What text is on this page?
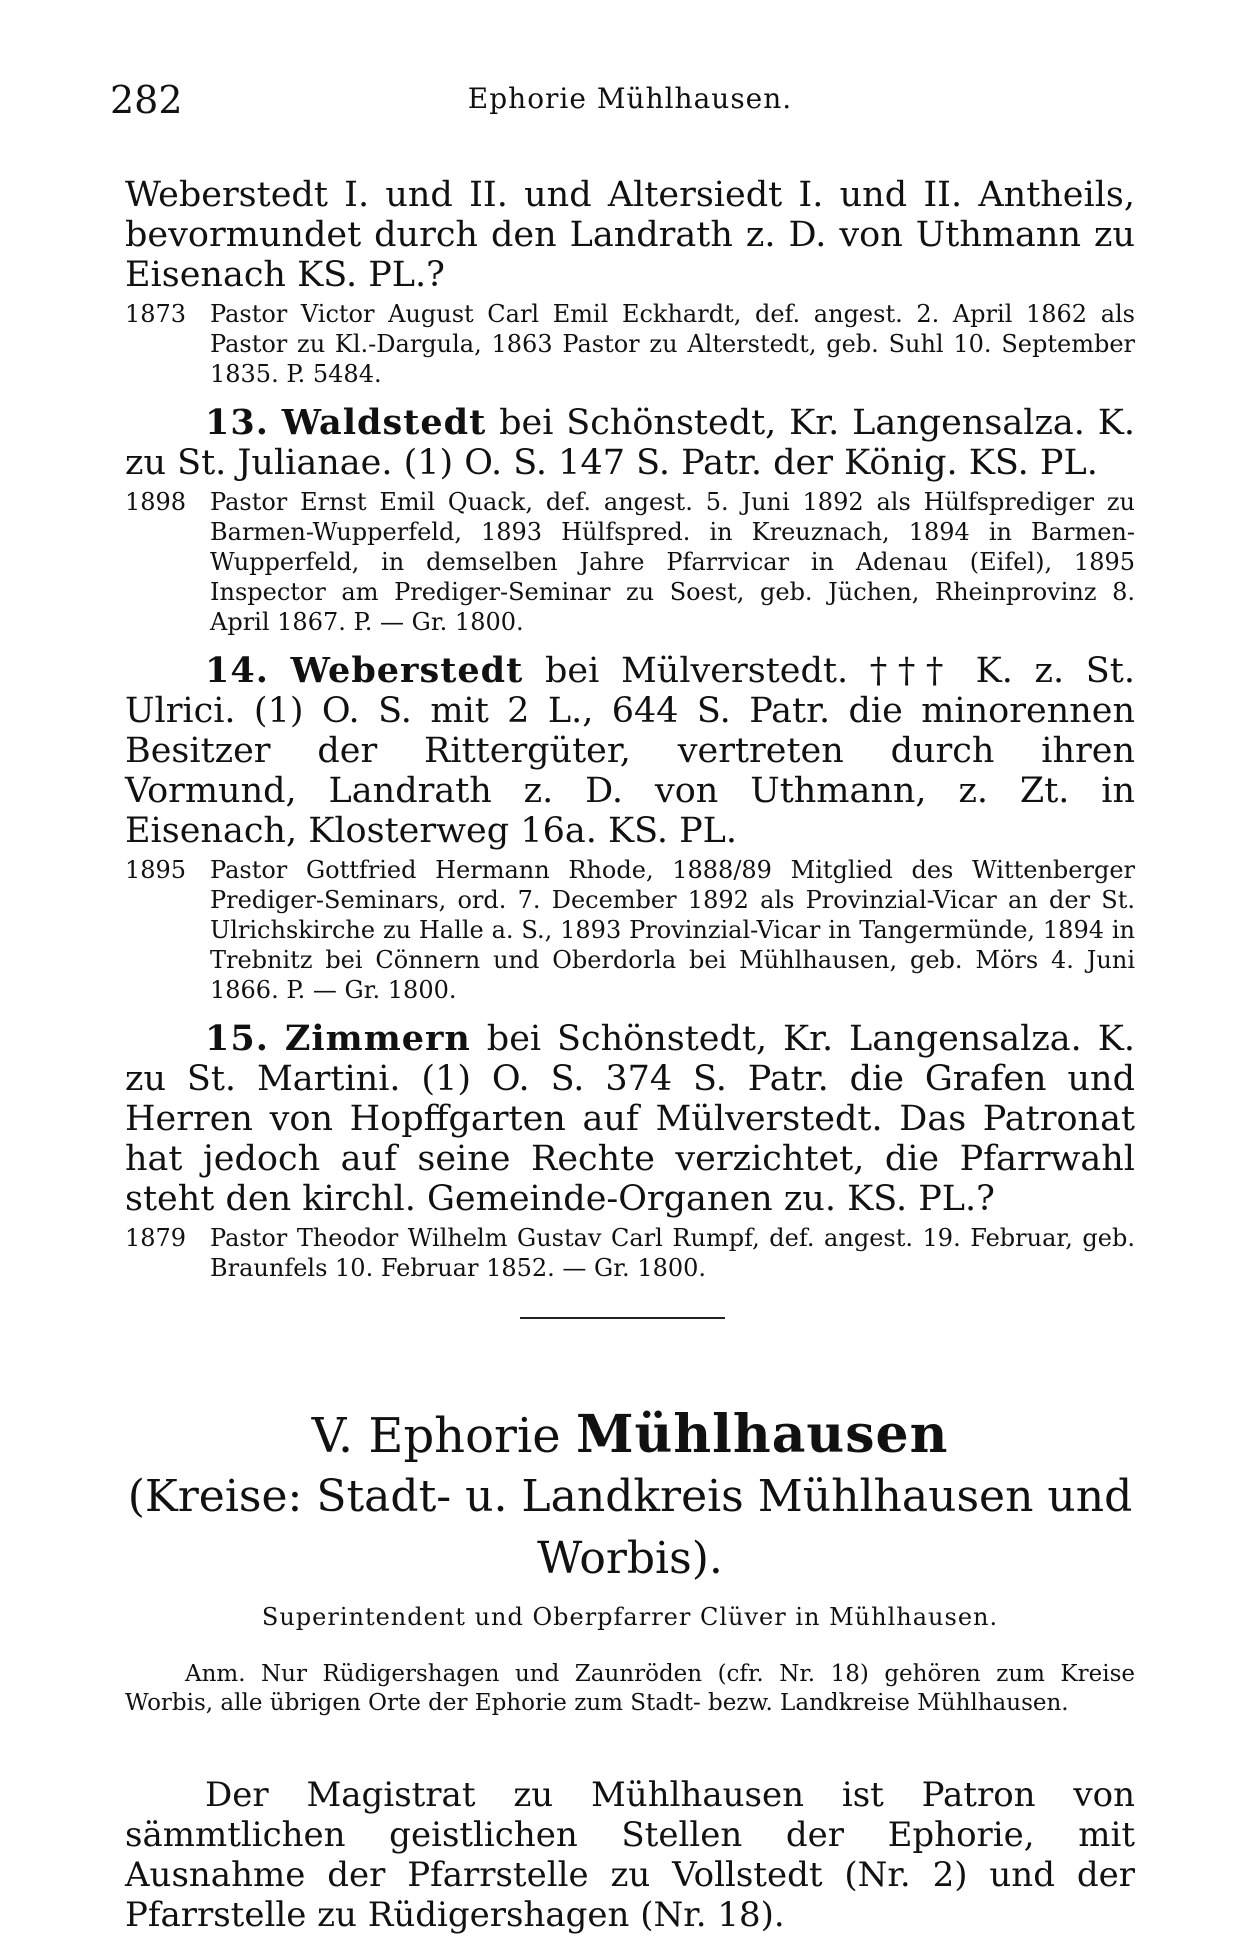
282	Ephorie Mühlhausen.

Weberstedt I. und II. und Altersiedt I. und II. Antheils, bevormundet durch den Landrath z. D. von Uthmann zu Eisenach KS. PL.?

1873 Pastor Victor August Carl Emil Eckhardt, def. angest. 2. April 1862 als Pastor zu Kl.-Dargula, 1863 Pastor zu Alterstedt, geb. Suhl 10. September 1835. P. 5484.

13. Waldstedt bei Schönstedt, Kr. Langensalza. K. zu St. Julianae. (1) O. S. 147 S. Patr. der König. KS. PL.

1898 Pastor Ernst Emil Quack, def. angest. 5. Juni 1892 als Hülfsprediger zu Barmen-Wupperfeld, 1893 Hülfspred. in Kreuznach, 1894 in Barmen-Wupperfeld, in demselben Jahre Pfarrvicar in Adenau (Eifel), 1895 Inspector am Prediger-Seminar zu Soest, geb. Jüchen, Rheinprovinz 8. April 1867. P. — Gr. 1800.

14. Weberstedt bei Mülverstedt. ††† K. z. St. Ulrici. (1) O. S. mit 2 L., 644 S. Patr. die minorennen Besitzer der Rittergüter, vertreten durch ihren Vormund, Landrath z. D. von Uthmann, z. Zt. in Eisenach, Klosterweg 16a. KS. PL.

1895 Pastor Gottfried Hermann Rhode, 1888/89 Mitglied des Wittenberger Prediger-Seminars, ord. 7. December 1892 als Provinzial-Vicar an der St. Ulrichskirche zu Halle a. S., 1893 Provinzial-Vicar in Tangermünde, 1894 in Trebnitz bei Cönnern und Oberdorla bei Mühlhausen, geb. Mörs 4. Juni 1866. P. — Gr. 1800.

15. Zimmern bei Schönstedt, Kr. Langensalza. K. zu St. Martini. (1) O. S. 374 S. Patr. die Grafen und Herren von Hopffgarten auf Mülverstedt. Das Patronat hat jedoch auf seine Rechte verzichtet, die Pfarrwahl steht den kirchl. Gemeinde-Organen zu. KS. PL.?

1879 Pastor Theodor Wilhelm Gustav Carl Rumpf, def. angest. 19. Februar, geb. Braunfels 10. Februar 1852. — Gr. 1800.

V. Ephorie Mühlhausen

(Kreise: Stadt- u. Landkreis Mühlhausen und Worbis).

Superintendent und Oberpfarrer Clüver in Mühlhausen.

Anm. Nur Rüdigershagen und Zaunröden (cfr. Nr. 18) gehören zum Kreise Worbis, alle übrigen Orte der Ephorie zum Stadt- bezw. Landkreise Mühlhausen.

Der Magistrat zu Mühlhausen ist Patron von sämmtlichen geistlichen Stellen der Ephorie, mit Ausnahme der Pfarrstelle zu Vollstedt (Nr. 2) und der Pfarrstelle zu Rüdigershagen (Nr. 18).
